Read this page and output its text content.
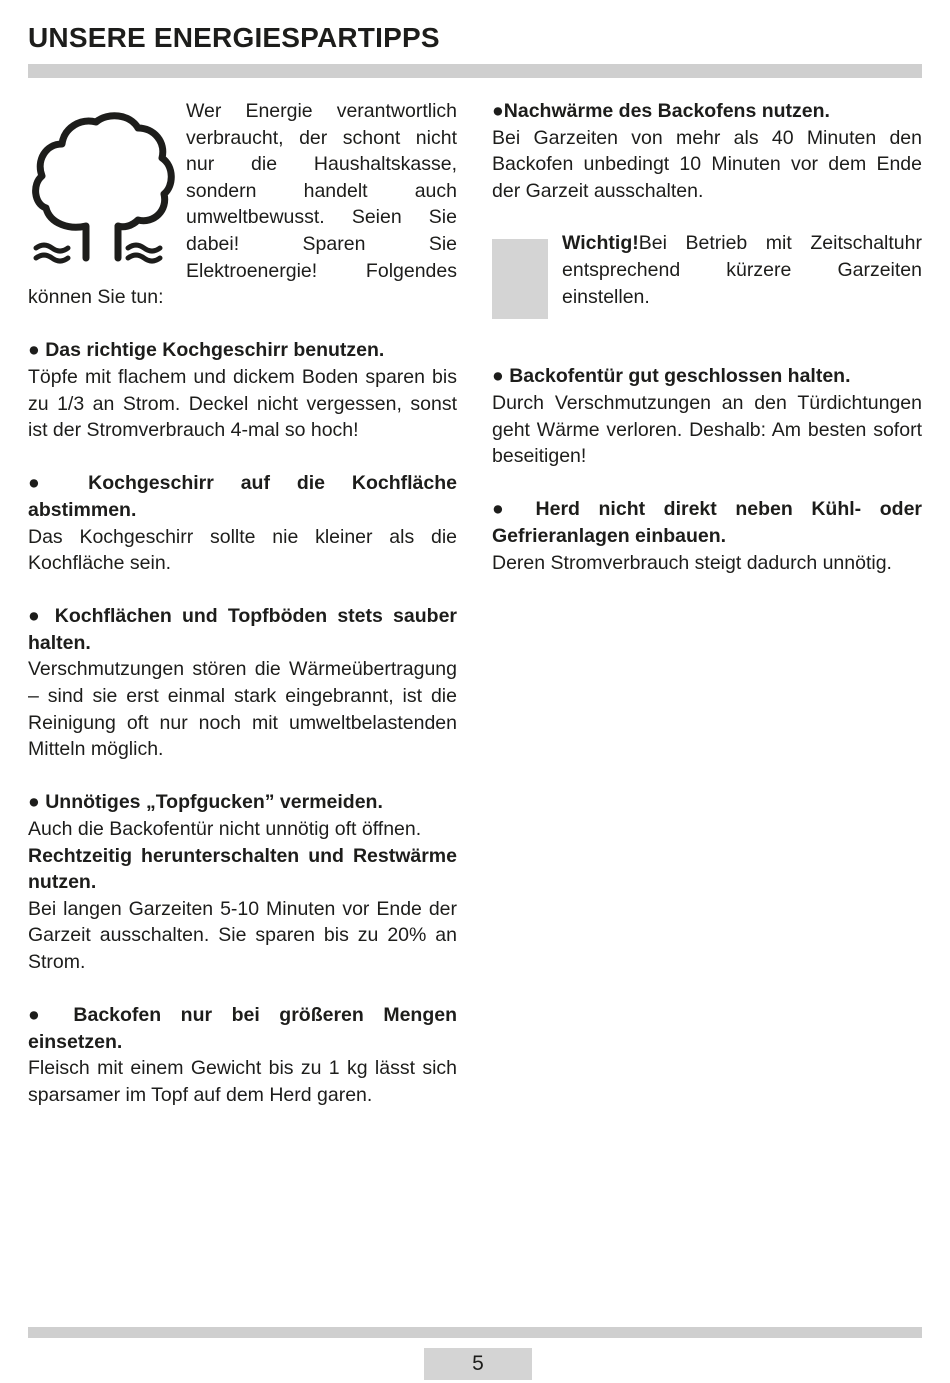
UNSERE ENERGIESPARTIPPS
Wer Energie verantwortlich verbraucht, der schont nicht nur die Haushaltskasse, sondern handelt auch umweltbewusst. Seien Sie dabei! Sparen Sie Elektroenergie! Folgendes können Sie tun:
● Das richtige Kochgeschirr benutzen.
Töpfe mit flachem und dickem Boden sparen bis zu 1/3 an Strom. Deckel nicht vergessen, sonst ist der Stromverbrauch 4-mal so hoch!
● Kochgeschirr auf die Kochfläche abstimmen.
Das Kochgeschirr sollte nie kleiner als die Kochfläche sein.
● Kochflächen und Topfböden stets sauber halten.
Verschmutzungen stören die Wärmeübertragung – sind sie erst einmal stark eingebrannt, ist die Reinigung oft nur noch mit umweltbelastenden Mitteln möglich.
● Unnötiges „Topfgucken” vermeiden.
Auch die Backofentür nicht unnötig oft öffnen.
Rechtzeitig herunterschalten und Restwärme nutzen.
Bei langen Garzeiten 5-10 Minuten vor Ende der Garzeit ausschalten. Sie sparen bis zu 20% an Strom.
● Backofen nur bei größeren Mengen einsetzen.
Fleisch mit einem Gewicht bis zu 1 kg lässt sich sparsamer im Topf auf dem Herd garen.
●Nachwärme des Backofens nutzen.
Bei Garzeiten von mehr als 40 Minuten den Backofen unbedingt 10 Minuten vor dem Ende der Garzeit ausschalten.
Wichtig!Bei Betrieb mit Zeitschaltuhr entsprechend kürzere Garzeiten einstellen.
● Backofentür gut geschlossen halten.
Durch Verschmutzungen an den Türdichtungen geht Wärme verloren. Deshalb: Am besten sofort beseitigen!
● Herd nicht direkt neben Kühl- oder Gefrieranlagen einbauen.
Deren Stromverbrauch steigt dadurch unnötig.
5
